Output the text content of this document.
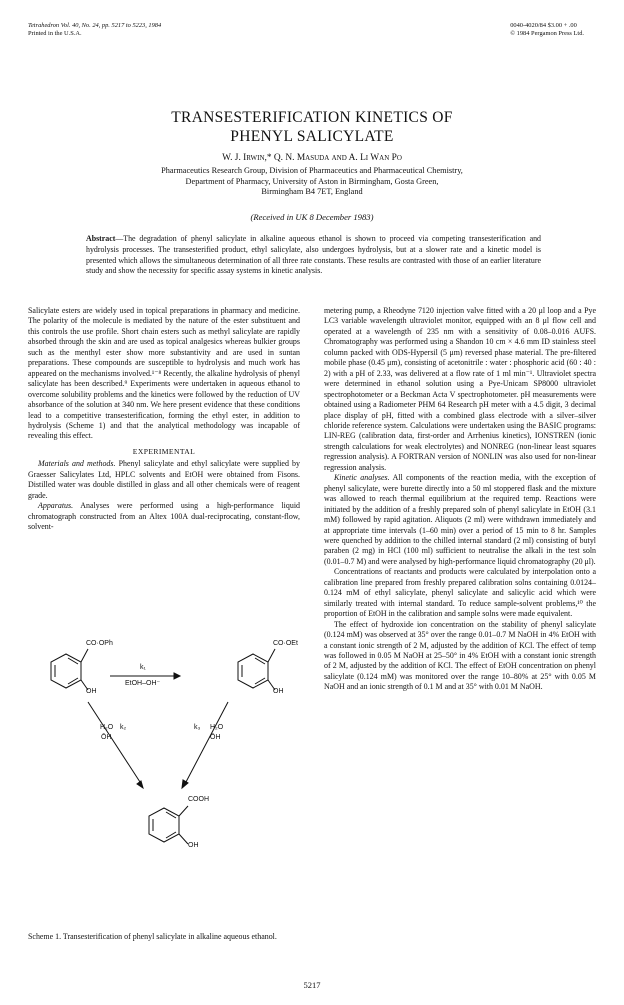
Tetrahedron Vol. 40, No. 24, pp. 5217 to 5223, 1984
Printed in the U.S.A.
0040-4020/84 $3.00 + .00
© 1984 Pergamon Press Ltd.
TRANSESTERIFICATION KINETICS OF
PHENYL SALICYLATE
W. J. Irwin,* Q. N. Masuda and A. Li Wan Po
Pharmaceutics Research Group, Division of Pharmaceutics and Pharmaceutical Chemistry,
Department of Pharmacy, University of Aston in Birmingham, Gosta Green,
Birmingham B4 7ET, England
(Received in UK 8 December 1983)
Abstract—The degradation of phenyl salicylate in alkaline aqueous ethanol is shown to proceed via competing transesterification and hydrolysis processes. The transesterified product, ethyl salicylate, also undergoes hydrolysis, but at a slower rate and a kinetic model is presented which allows the simultaneous determination of all three rate constants. These results are contrasted with those of an earlier literature study and show the necessity for specific assay systems in kinetic analysis.

Salicylate esters are widely used in topical preparations in pharmacy and medicine. The polarity of the molecule is mediated by the nature of the ester substituent and this controls the use profile. Short chain esters such as methyl salicylate are rapidly absorbed through the skin and are used as topical analgesics whereas bulkier groups such as the menthyl ester show more substantivity and are used in suntan preparations. These compounds are susceptible to hydrolysis and much work has appeared on the mechanisms involved.¹⁻⁸ Recently, the alkaline hydrolysis of phenyl salicylate has been described.⁹ Experiments were undertaken in aqueous ethanol to overcome solubility problems and the kinetics were followed by the reduction of UV absorbance of the solution at 340 nm. We here present evidence that these conditions lead to a competitive transesterification, forming the ethyl ester, in addition to hydrolysis (Scheme 1) and that the analytical methodology was incapable of revealing this effect.

EXPERIMENTAL

Materials and methods. Phenyl salicylate and ethyl salicylate were supplied by Graesser Salicylates Ltd, HPLC solvents and EtOH were obtained from Fisons. Distilled water was double distilled in glass and all other chemicals were of reagent grade.

Apparatus. Analyses were performed using a high-performance liquid chromatograph constructed from an Altex 100A dual-reciprocating, constant-flow, solvent-

CO·OPh
OH
k₁
EtOH–OH⁻
CO·OEt
OH
H₂O k₂
ŌH
k₃ H₂O
ŌH
COOH
OH
Scheme 1. Transesterification of phenyl salicylate in alkaline aqueous ethanol.

metering pump, a Rheodyne 7120 injection valve fitted with a 20 μl loop and a Pye LC3 variable wavelength ultraviolet monitor, equipped with an 8 μl flow cell and operated at a wavelength of 235 nm with a sensitivity of 0.08–0.016 AUFS. Chromatography was performed using a Shandon 10 cm × 4.6 mm ID stainless steel column packed with ODS-Hypersil (5 μm) reversed phase material. The pre-filtered mobile phase (0.45 μm), consisting of acetonitrile : water : phosphoric acid (60 : 40 : 2) with a pH of 2.33, was delivered at a flow rate of 1 ml min⁻¹. Ultraviolet spectra were determined in ethanol solution using a Pye-Unicam SP8000 ultraviolet spectrophotometer or a Beckman Acta V spectrophotometer. pH measurements were obtained using a Radiometer PHM 64 Research pH meter with a 4.5 digit, 3 decimal place display of pH, fitted with a combined glass electrode with a silver–silver chloride reference system. Calculations were undertaken using the BASIC programs: LIN-REG (calibration data, first-order and Arrhenius kinetics), IONSTREN (ionic strength calculations for weak electrolytes) and NONREG (non-linear least squares regression analysis). A FORTRAN version of NONLIN was also used for non-linear regression analysis.

Kinetic analyses. All components of the reaction media, with the exception of phenyl salicylate, were burette directly into a 50 ml stoppered flask and the mixture was allowed to reach thermal equilibrium at the required temp. Reactions were initiated by the addition of a freshly prepared soln of phenyl salicylate in EtOH (3.1 mM) followed by rapid agitation. Aliquots (2 ml) were withdrawn immediately and at appropriate time intervals (1–60 min) over a period of 15 min to 8 hr. Samples were quenched by addition to the chilled internal standard (2 ml) consisting of butyl paraben (2 mg) in HCl (100 ml) sufficient to neutralise the alkali in the test soln (0.01–0.7 M) and were analysed by high-performance liquid chromatography (20 μl).

Concentrations of reactants and products were calculated by interpolation onto a calibration line prepared from freshly prepared calibration solns containing 0.0124–0.124 mM of ethyl salicylate, phenyl salicylate and salicylic acid which were similarly treated with internal standard. To reduce sample-solvent problems,¹⁰ the proportion of EtOH in the calibration and sample solns were made equivalent.

The effect of hydroxide ion concentration on the stability of phenyl salicylate (0.124 mM) was observed at 35° over the range 0.01–0.7 M NaOH in 4% EtOH with a constant ionic strength of 2 M, adjusted by the addition of KCl. The effect of temp was followed in 0.05 M NaOH at 25–50° in 4% EtOH with a constant ionic strength of 2 M, adjusted by the addition of KCl. The effect of EtOH concentration on phenyl salicylate (0.124 mM) was monitored over the range 10–80% at 25° with 0.05 M NaOH and an ionic strength of 0.1 M and at 35° with 0.01 M NaOH.

5217
